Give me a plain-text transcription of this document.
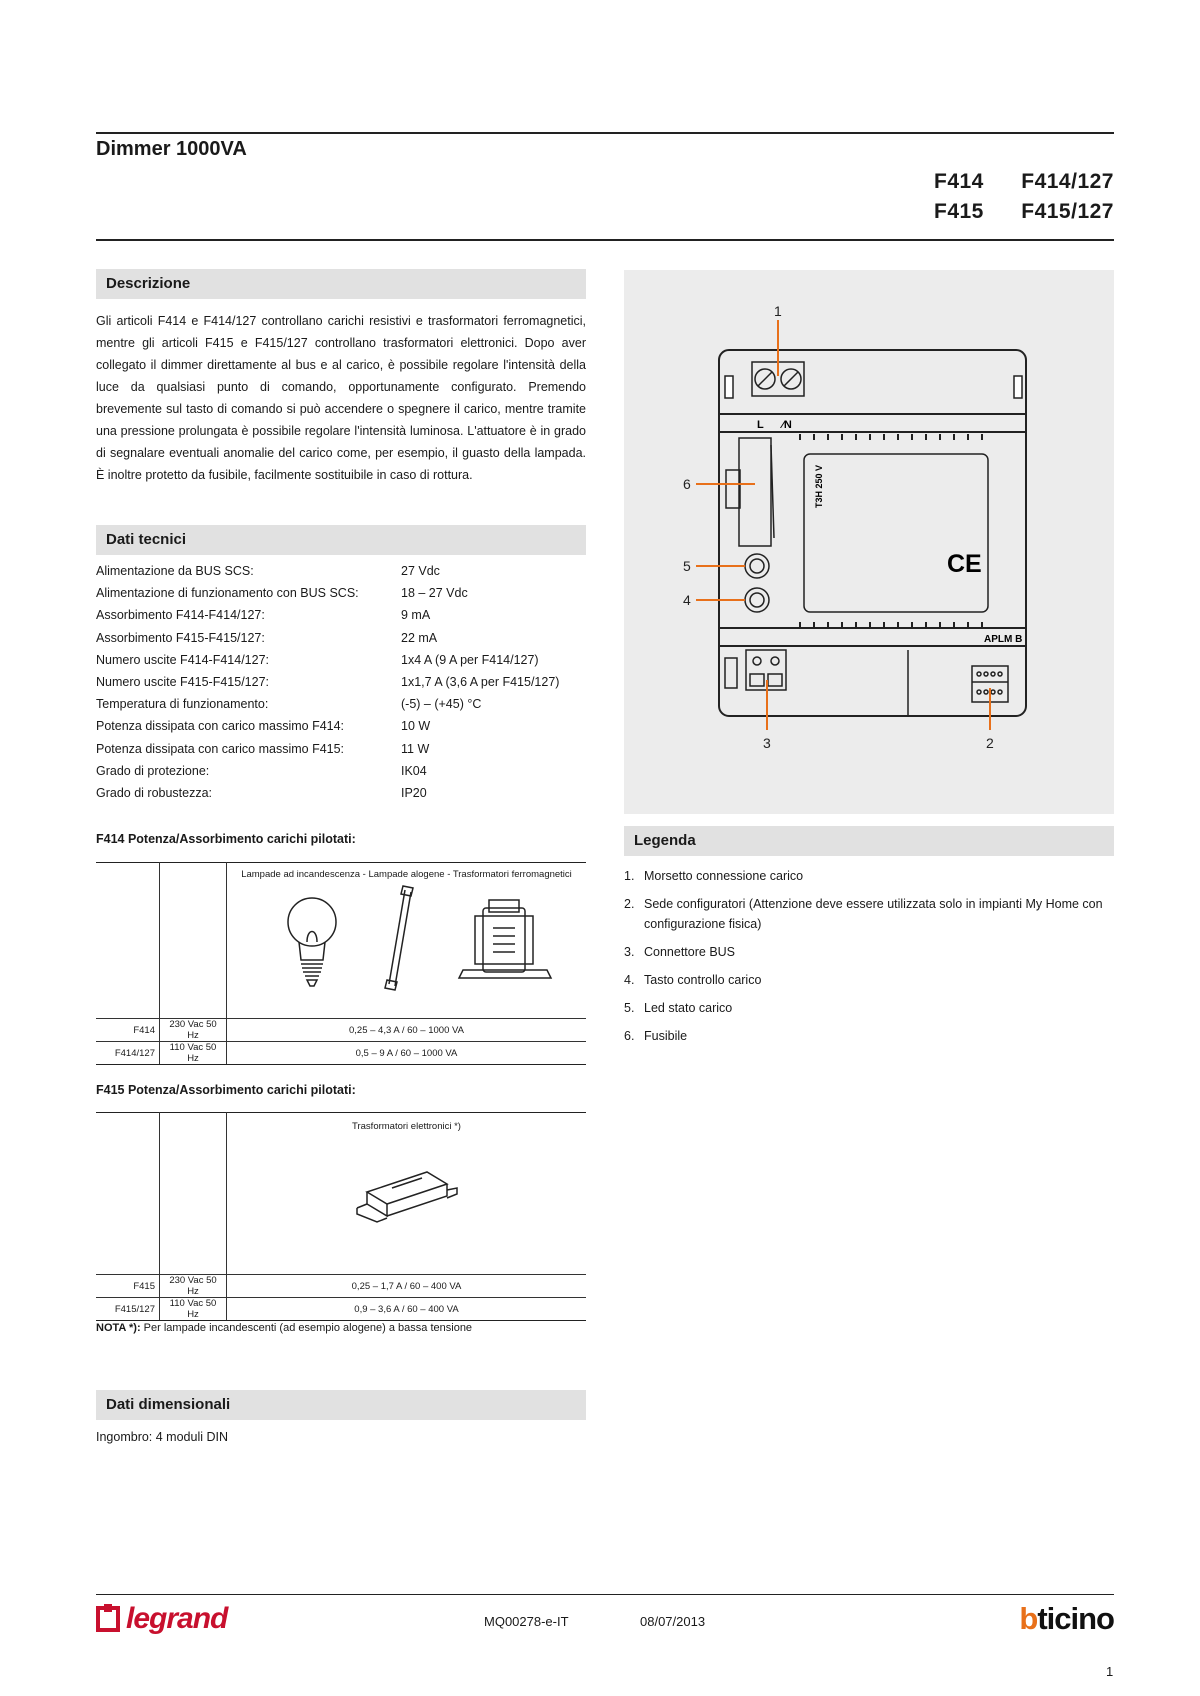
Dimmer 1000VA
F414 F414/127
F415 F415/127
Descrizione
Gli articoli F414 e F414/127 controllano carichi resistivi e trasformatori ferromagnetici, mentre gli articoli F415 e F415/127 controllano trasformatori elettronici. Dopo aver collegato il dimmer direttamente al bus e al carico, è possibile regolare l'intensità della luce da qualsiasi punto di comando, opportunamente configurato. Premendo brevemente sul tasto di comando si può accendere o spegnere il carico, mentre tramite una pressione prolungata è possibile regolare l'intensità luminosa. L'attuatore è in grado di segnalare eventuali anomalie del carico come, per esempio, il guasto della lampada. È inoltre protetto da fusibile, facilmente sostituibile in caso di rottura.
Dati tecnici
Alimentazione da BUS SCS:	27 Vdc
Alimentazione di funzionamento con BUS SCS:	18 – 27 Vdc
Assorbimento F414-F414/127:	9 mA
Assorbimento F415-F415/127:	22 mA
Numero uscite F414-F414/127:	1x4 A (9 A per F414/127)
Numero uscite F415-F415/127:	1x1,7 A (3,6 A per F415/127)
Temperatura di funzionamento:	(-5) – (+45) °C
Potenza dissipata con carico massimo F414:	10 W
Potenza dissipata con carico massimo F415:	11 W
Grado di protezione:	IK04
Grado di robustezza:	IP20
F414 Potenza/Assorbimento carichi pilotati:

		Lampade ad incandescenza - Lampade alogene - Trasformatori ferromagnetici

F414	230 Vac 50 Hz	0,25 – 4,3 A / 60 – 1000 VA
F414/127	110 Vac 50 Hz	0,5 – 9 A / 60 – 1000 VA
F415 Potenza/Assorbimento carichi pilotati:

		Trasformatori elettronici *)

F415	230 Vac 50 Hz	0,25 – 1,7 A / 60 – 400 VA
F415/127	110 Vac 50 Hz	0,9 – 3,6 A / 60 – 400 VA
NOTA *): Per lampade incandescenti (ad esempio alogene) a bassa tensione
Dati dimensionali
Ingombro: 4 moduli DIN
L ⁄N
T3H 250 V
CE
APLM B
1
2
3
4
5
6
Legenda
1. Morsetto connessione carico
2. Sede configuratori (Attenzione deve essere utilizzata solo in impianti My Home con configurazione fisica)
3. Connettore BUS
4. Tasto controllo carico
5. Led stato carico
6. Fusibile
legrand	MQ00278-e-IT	08/07/2013	bticino
1
